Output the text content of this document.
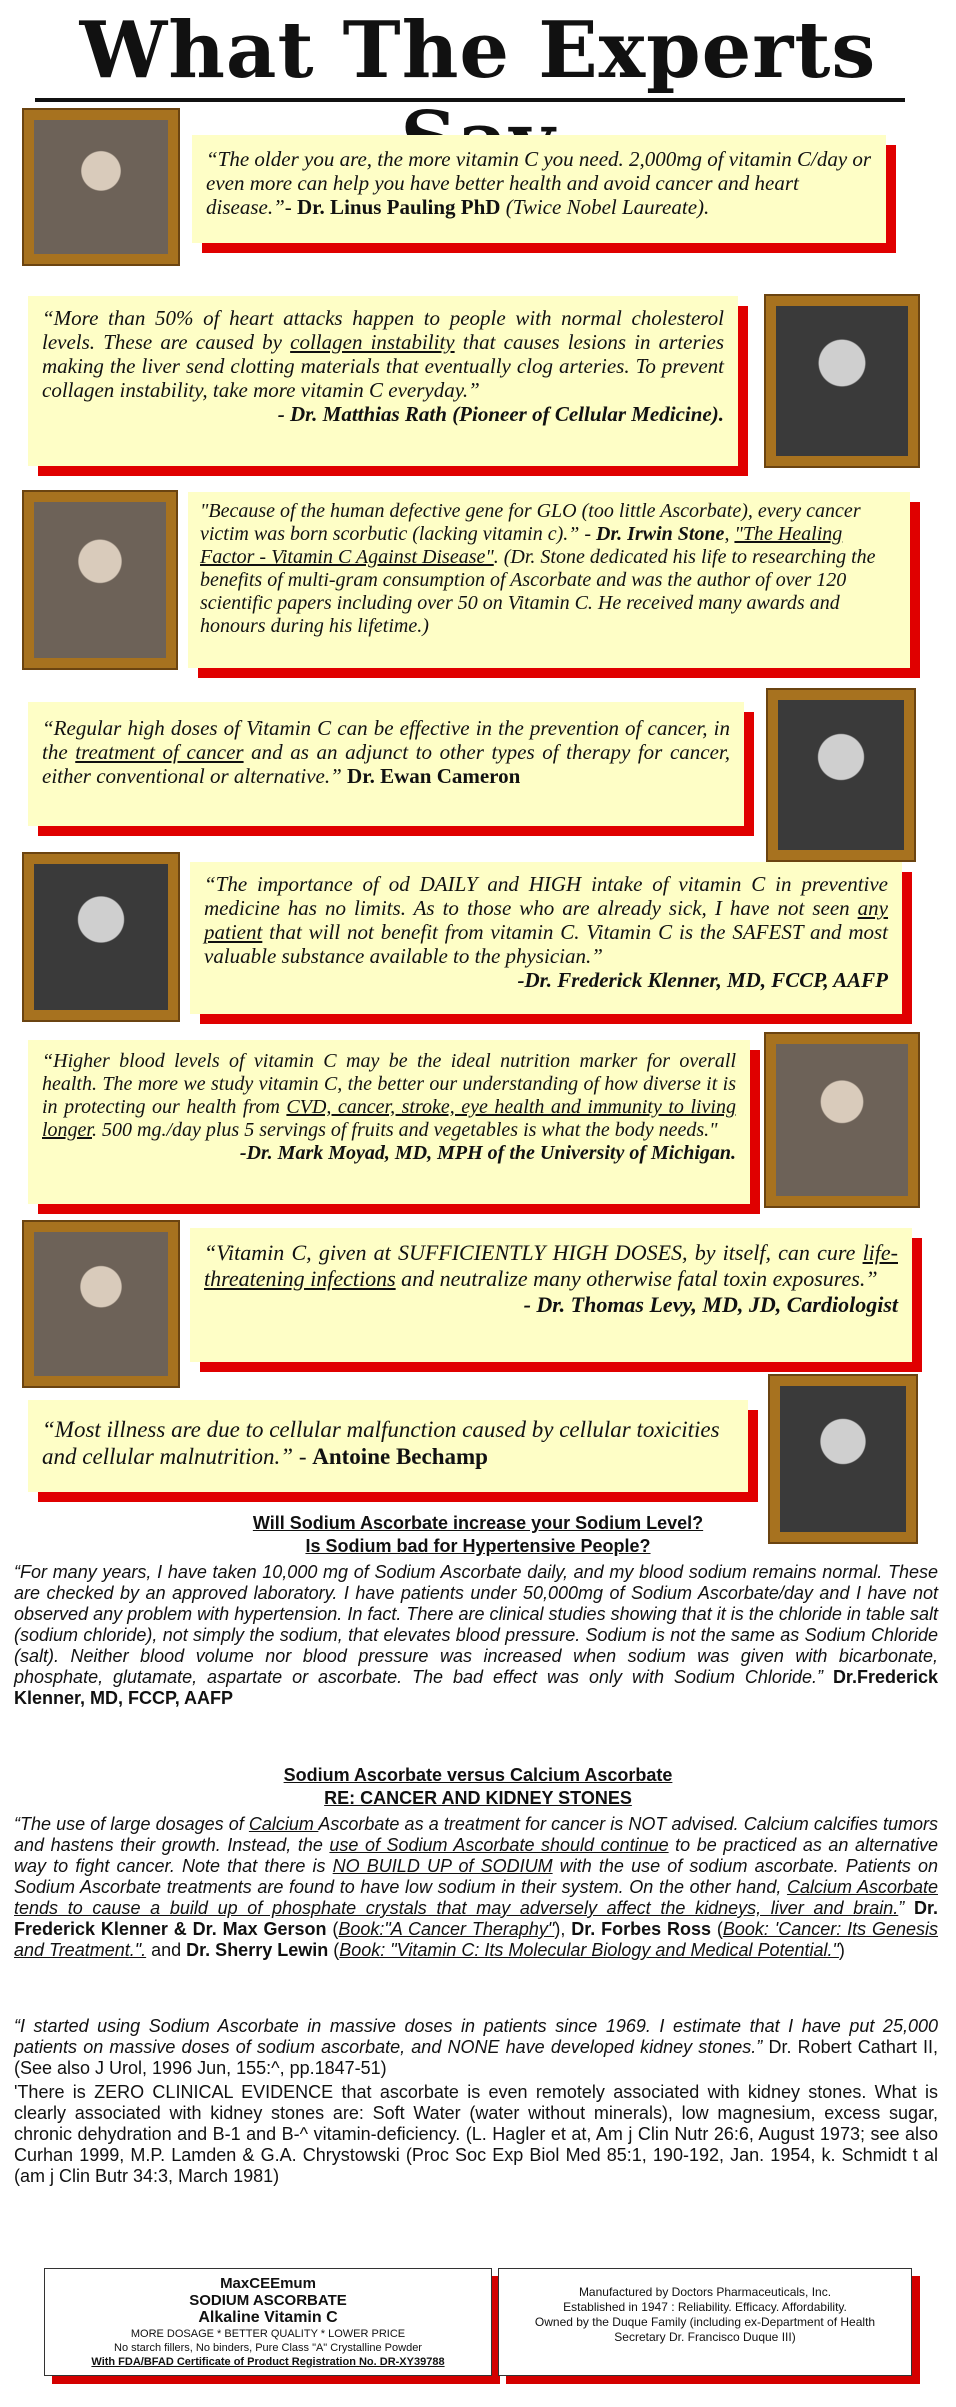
What The Experts
“The older you are, the more vitamin C you need. 2,000mg of vitamin C/day or even more can help you have better health and avoid cancer and heart disease.”- Dr. Linus Pauling PhD (Twice Nobel Laureate).
“More than 50% of heart attacks happen to people with normal cholesterol levels. These are caused by collagen instability that causes lesions in arteries making the liver send clotting materials that eventually clog arteries. To prevent collagen instability, take more vitamin C everyday.”
- Dr. Matthias Rath (Pioneer of Cellular Medicine).
"Because of the human defective gene for GLO (too little Ascorbate), every cancer victim was born scorbutic (lacking vitamin c).” - Dr. Irwin Stone, "The Healing Factor - Vitamin C Against Disease". (Dr. Stone dedicated his life to researching the benefits of multi-gram consumption of Ascorbate and was the author of over 120 scientific papers including over 50 on Vitamin C. He received many awards and honours during his lifetime.)
“Regular high doses of Vitamin C can be effective in the prevention of cancer, in the treatment of cancer and as an adjunct to other types of therapy for cancer, either conventional or alternative.” Dr. Ewan Cameron
“The importance of od DAILY and HIGH intake of vitamin C in preventive medicine has no limits. As to those who are already sick, I have not seen any patient that will not benefit from vitamin C. Vitamin C is the SAFEST and most valuable substance available to the physician.”
-Dr. Frederick Klenner, MD, FCCP, AAFP
“Higher blood levels of vitamin C may be the ideal nutrition marker for overall health. The more we study vitamin C, the better our understanding of how diverse it is in protecting our health from CVD, cancer, stroke, eye health and immunity to living longer. 500 mg./day plus 5 servings of fruits and vegetables is what the body needs."
-Dr. Mark Moyad, MD, MPH of the University of Michigan.
“Vitamin C, given at SUFFICIENTLY HIGH DOSES, by itself, can cure life-threatening infections and neutralize many otherwise fatal toxin exposures.”
- Dr. Thomas Levy, MD, JD, Cardiologist
“Most illness are due to cellular malfunction caused by cellular toxicities and cellular malnutrition.” - Antoine Bechamp
Will Sodium Ascorbate increase your Sodium Level?
Is Sodium bad for Hypertensive People?
“For many years, I have taken 10,000 mg of Sodium Ascorbate daily, and my blood sodium remains normal. These are checked by an approved laboratory. I have patients under 50,000mg of Sodium Ascorbate/day and I have not observed any problem with hypertension. In fact. There are clinical studies showing that it is the chloride in table salt (sodium chloride), not simply the sodium, that elevates blood pressure. Sodium is not the same as Sodium Chloride (salt). Neither blood volume nor blood pressure was increased when sodium was given with bicarbonate, phosphate, glutamate, aspartate or ascorbate. The bad effect was only with Sodium Chloride.” Dr.Frederick Klenner, MD, FCCP, AAFP
Sodium Ascorbate versus Calcium Ascorbate
RE: CANCER AND KIDNEY STONES
“The use of large dosages of Calcium Ascorbate as a treatment for cancer is NOT advised. Calcium calcifies tumors and hastens their growth. Instead, the use of Sodium Ascorbate should continue to be practiced as an alternative way to fight cancer. Note that there is NO BUILD UP of SODIUM with the use of sodium ascorbate. Patients on Sodium Ascorbate treatments are found to have low sodium in their system. On the other hand, Calcium Ascorbate tends to cause a build up of phosphate crystals that may adversely affect the kidneys, liver and brain.” Dr. Frederick Klenner & Dr. Max Gerson (Book:"A Cancer Theraphy"), Dr. Forbes Ross (Book: 'Cancer: Its Genesis and Treatment.". and Dr. Sherry Lewin (Book: "Vitamin C: Its Molecular Biology and Medical Potential.")
“I started using Sodium Ascorbate in massive doses in patients since 1969. I estimate that I have put 25,000 patients on massive doses of sodium ascorbate, and NONE have developed kidney stones.” Dr. Robert Cathart II, (See also J Urol, 1996 Jun, 155:^, pp.1847-51)
'There is ZERO CLINICAL EVIDENCE that ascorbate is even remotely associated with kidney stones. What is clearly associated with kidney stones are: Soft Water (water without minerals), low magnesium, excess sugar, chronic dehydration and B-1 and B-^ vitamin-deficiency. (L. Hagler et at, Am j Clin Nutr 26:6, August 1973; see also Curhan 1999, M.P. Lamden & G.A. Chrystowski (Proc Soc Exp Biol Med 85:1, 190-192, Jan. 1954, k. Schmidt t al (am j Clin Butr 34:3, March 1981)
MaxCEEmum
SODIUM ASCORBATE
Alkaline Vitamin C
MORE DOSAGE * BETTER QUALITY * LOWER PRICE
No starch fillers, No binders, Pure Class "A" Crystalline Powder
With FDA/BFAD Certificate of Product Registration No. DR-XY39788
Manufactured by Doctors Pharmaceuticals, Inc.
Established in 1947 : Reliability. Efficacy. Affordability.
Owned by the Duque Family (including ex-Department of Health Secretary Dr. Francisco Duque III)
